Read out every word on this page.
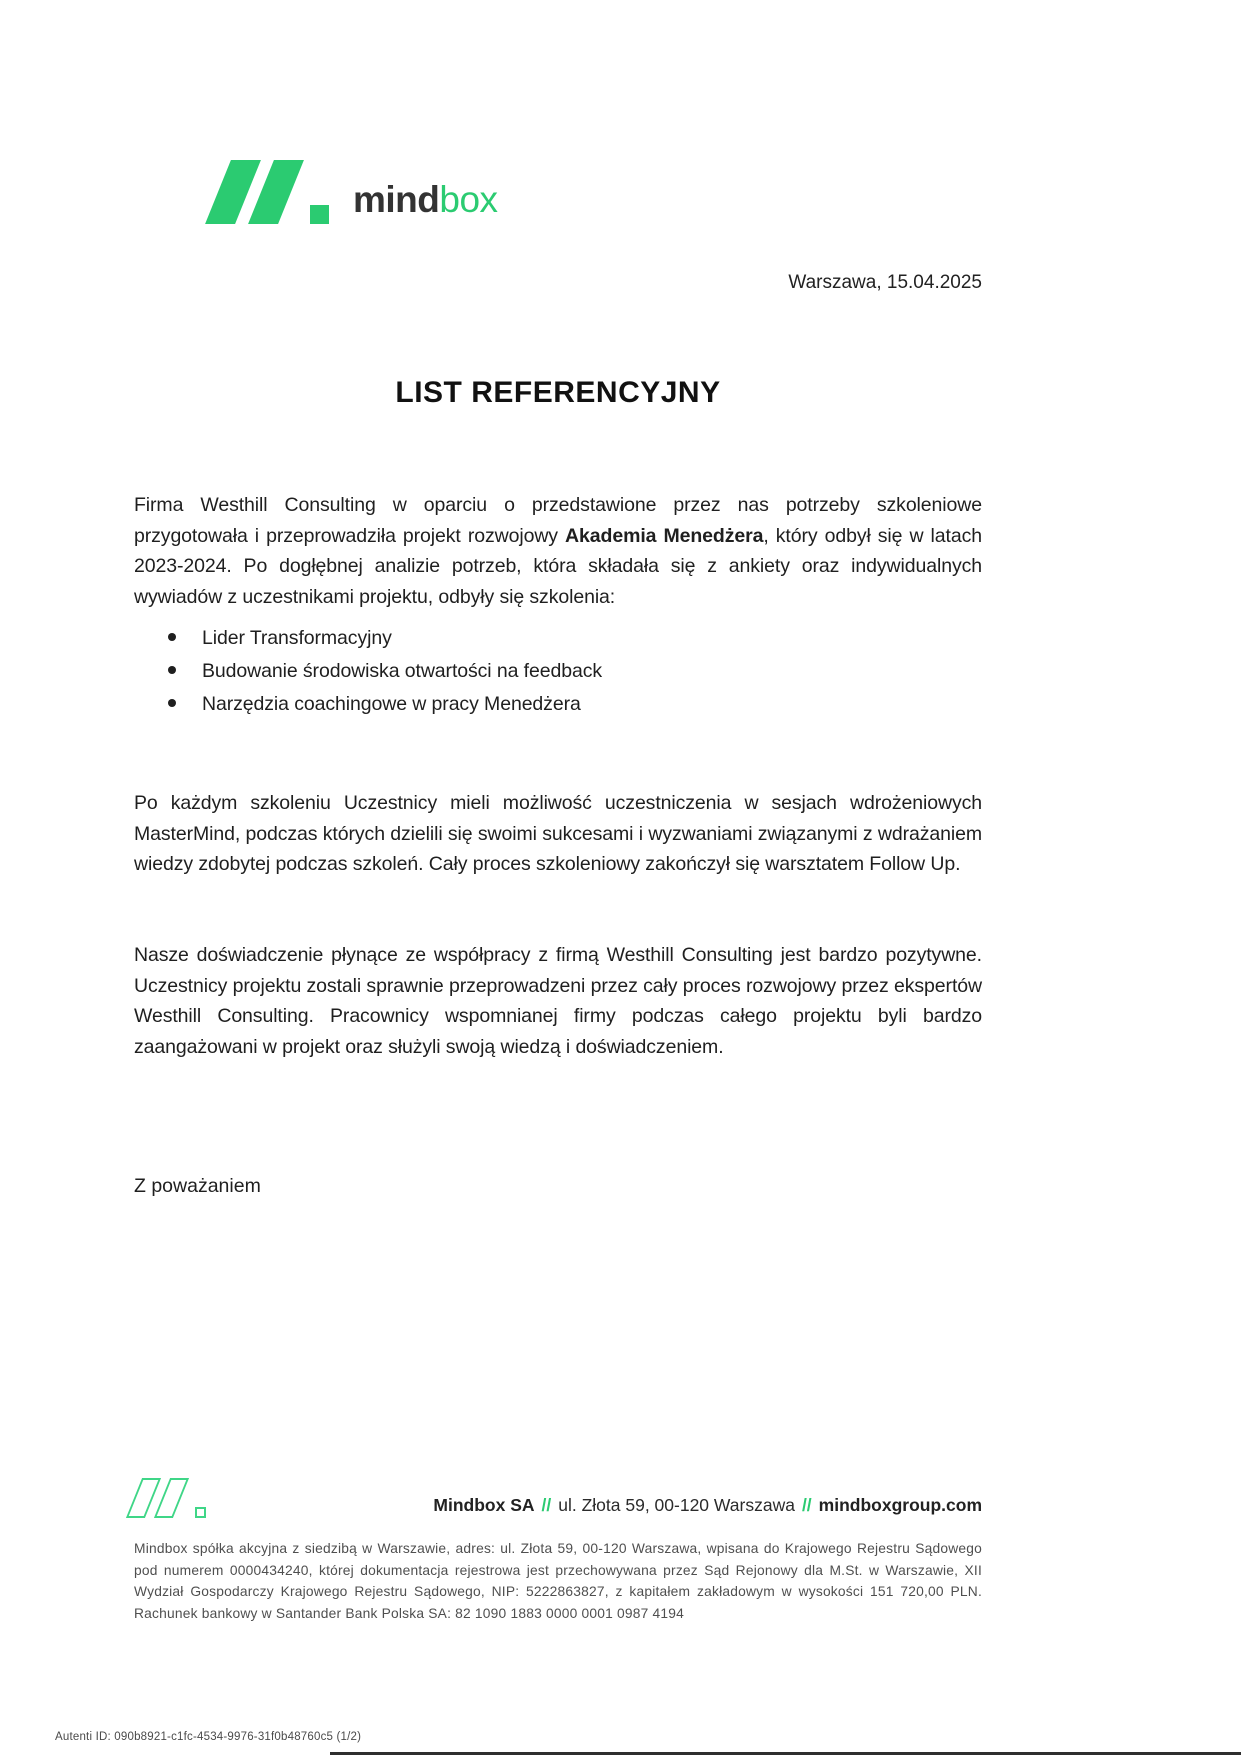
mindbox
Warszawa, 15.04.2025
LIST REFERENCYJNY

Firma Westhill Consulting w oparciu o przedstawione przez nas potrzeby szkoleniowe przygotowała i przeprowadziła projekt rozwojowy Akademia Menedżera, który odbył się w latach 2023-2024. Po dogłębnej analizie potrzeb, która składała się z ankiety oraz indywidualnych wywiadów z uczestnikami projektu, odbyły się szkolenia:

Lider Transformacyjny
Budowanie środowiska otwartości na feedback
Narzędzia coachingowe w pracy Menedżera

Po każdym szkoleniu Uczestnicy mieli możliwość uczestniczenia w sesjach wdrożeniowych MasterMind, podczas których dzielili się swoimi sukcesami i wyzwaniami związanymi z wdrażaniem wiedzy zdobytej podczas szkoleń. Cały proces szkoleniowy zakończył się warsztatem Follow Up.

Nasze doświadczenie płynące ze współpracy z firmą Westhill Consulting jest bardzo pozytywne. Uczestnicy projektu zostali sprawnie przeprowadzeni przez cały proces rozwojowy przez ekspertów Westhill Consulting. Pracownicy wspomnianej firmy podczas całego projektu byli bardzo zaangażowani w projekt oraz służyli swoją wiedzą i doświadczeniem.

Z poważaniem
Mindbox SA // ul. Złota 59, 00-120 Warszawa // mindboxgroup.com

Mindbox spółka akcyjna z siedzibą w Warszawie, adres: ul. Złota 59, 00-120 Warszawa, wpisana do Krajowego Rejestru Sądowego pod numerem 0000434240, której dokumentacja rejestrowa jest przechowywana przez Sąd Rejonowy dla M.St. w Warszawie, XII Wydział Gospodarczy Krajowego Rejestru Sądowego, NIP: 5222863827, z kapitałem zakładowym w wysokości 151 720,00 PLN. Rachunek bankowy w Santander Bank Polska SA: 82 1090 1883 0000 0001 0987 4194

Autenti ID: 090b8921-c1fc-4534-9976-31f0b48760c5 (1/2)
